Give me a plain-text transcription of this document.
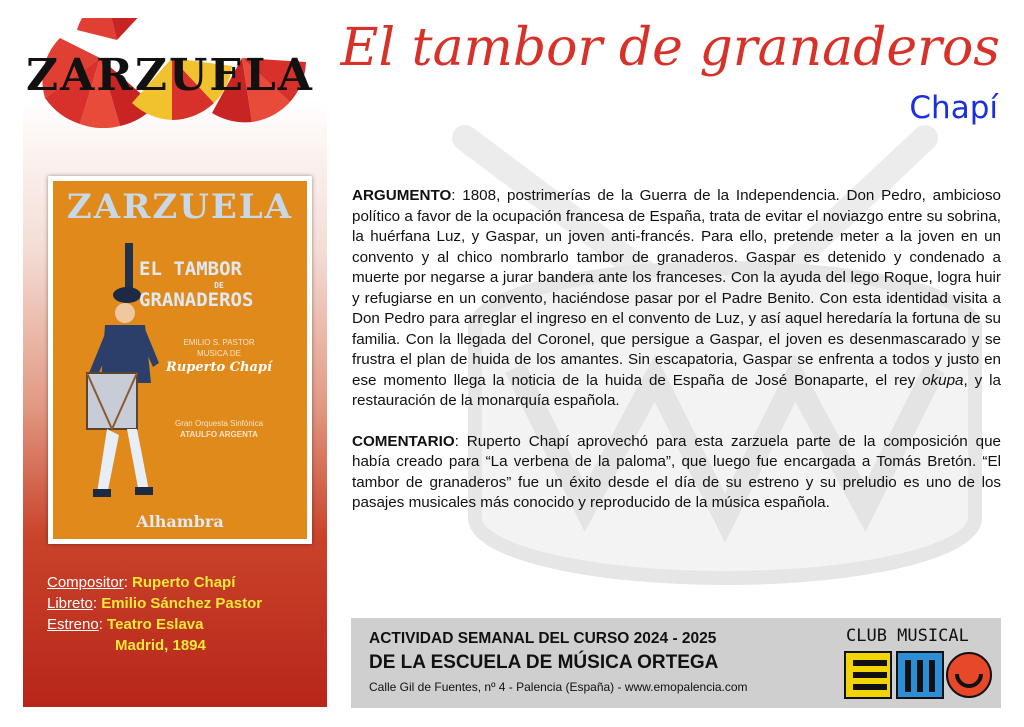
ZARZUELA El tambor de granaderos
Chapí
ZARZUELA
EL TAMBOR
DE
GRANADEROS
EMILIO S. PASTOR
MUSICA DE
Ruperto Chapí
Gran Orquesta Sinfónica
ATAULFO ARGENTA
Alhambra
Compositor: Ruperto Chapí
Libreto: Emilio Sánchez Pastor
Estreno: Teatro Eslava
Madrid, 1894

ARGUMENTO: 1808, postrimerías de la Guerra de la Independencia. Don Pedro, ambicioso político a favor de la ocupación francesa de España, trata de evitar el noviazgo entre su sobrina, la huérfana Luz, y Gaspar, un joven anti-francés. Para ello, pretende meter a la joven en un convento y al chico nombrarlo tambor de granaderos. Gaspar es detenido y condenado a muerte por negarse a jurar bandera ante los franceses. Con la ayuda del lego Roque, logra huir y refugiarse en un convento, haciéndose pasar por el Padre Benito. Con esta identidad visita a Don Pedro para arreglar el ingreso en el convento de Luz, y así aquel heredaría la fortuna de su familia. Con la llegada del Coronel, que persigue a Gaspar, el joven es desenmascarado y se frustra el plan de huida de los amantes. Sin escapatoria, Gaspar se enfrenta a todos y justo en ese momento llega la noticia de la huida de España de José Bonaparte, el rey okupa, y la restauración de la monarquía española.

COMENTARIO: Ruperto Chapí aprovechó para esta zarzuela parte de la composición que había creado para “La verbena de la paloma”, que luego fue encargada a Tomás Bretón. “El tambor de granaderos” fue un éxito desde el día de su estreno y su preludio es uno de los pasajes musicales más conocido y reproducido de la música española.

ACTIVIDAD SEMANAL DEL CURSO 2024 - 2025
DE LA ESCUELA DE MÚSICA ORTEGA
Calle Gil de Fuentes, nº 4 - Palencia (España) - www.emopalencia.com
CLUB MUSICAL
